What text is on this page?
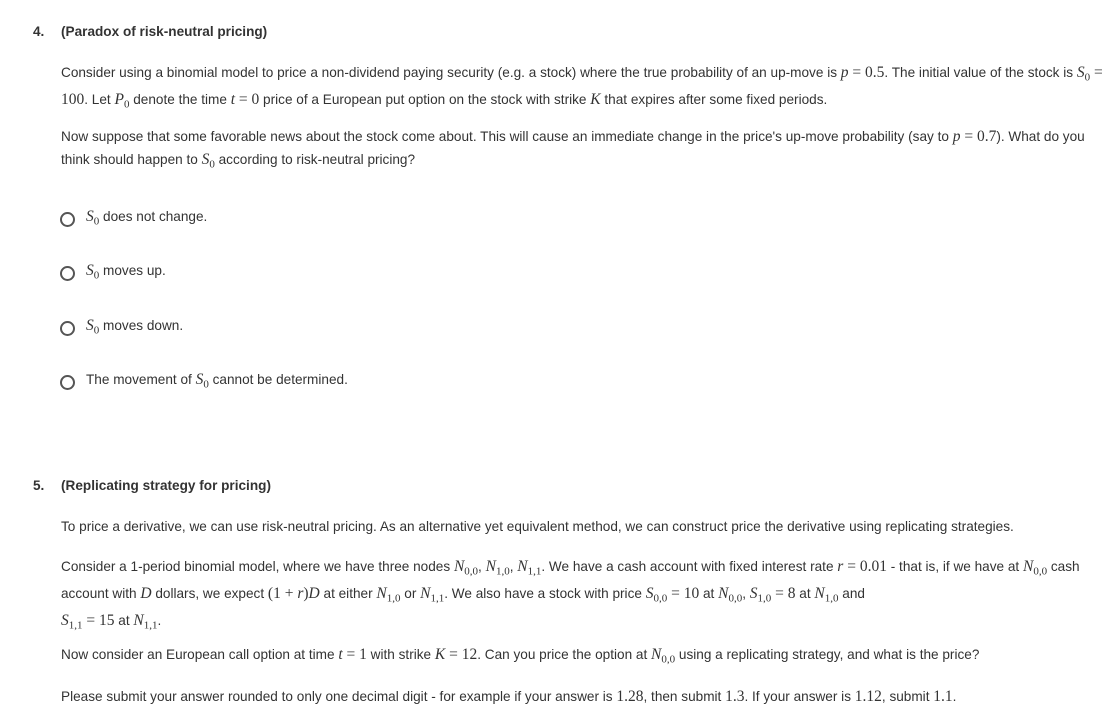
4. (Paradox of risk-neutral pricing)
Consider using a binomial model to price a non-dividend paying security (e.g. a stock) where the true probability of an up-move is p = 0.5. The initial value of the stock is $S_0 = 100$. Let $P_0$ denote the time t = 0 price of a European put option on the stock with strike K that expires after some fixed periods.
Now suppose that some favorable news about the stock come about. This will cause an immediate change in the price's up-move probability (say to p = 0.7). What do you think should happen to $S_0$ according to risk-neutral pricing?
$S_0$ does not change.
$S_0$ moves up.
$S_0$ moves down.
The movement of $S_0$ cannot be determined.
5. (Replicating strategy for pricing)
To price a derivative, we can use risk-neutral pricing. As an alternative yet equivalent method, we can construct price the derivative using replicating strategies.
Consider a 1-period binomial model, where we have three nodes $N_{0,0}$, $N_{1,0}$, $N_{1,1}$. We have a cash account with fixed interest rate r = 0.01 - that is, if we have at $N_{0,0}$ cash account with D dollars, we expect (1 + r)D at either $N_{1,0}$ or $N_{1,1}$. We also have a stock with price $S_{0,0} = 10$ at $N_{0,0}$, $S_{1,0} = 8$ at $N_{1,0}$ and
$S_{1,1} = 15$ at $N_{1,1}$.
Now consider an European call option at time t = 1 with strike K = 12. Can you price the option at $N_{0,0}$ using a replicating strategy, and what is the price?
Please submit your answer rounded to only one decimal digit - for example if your answer is 1.28, then submit 1.3. If your answer is 1.12, submit 1.1.
